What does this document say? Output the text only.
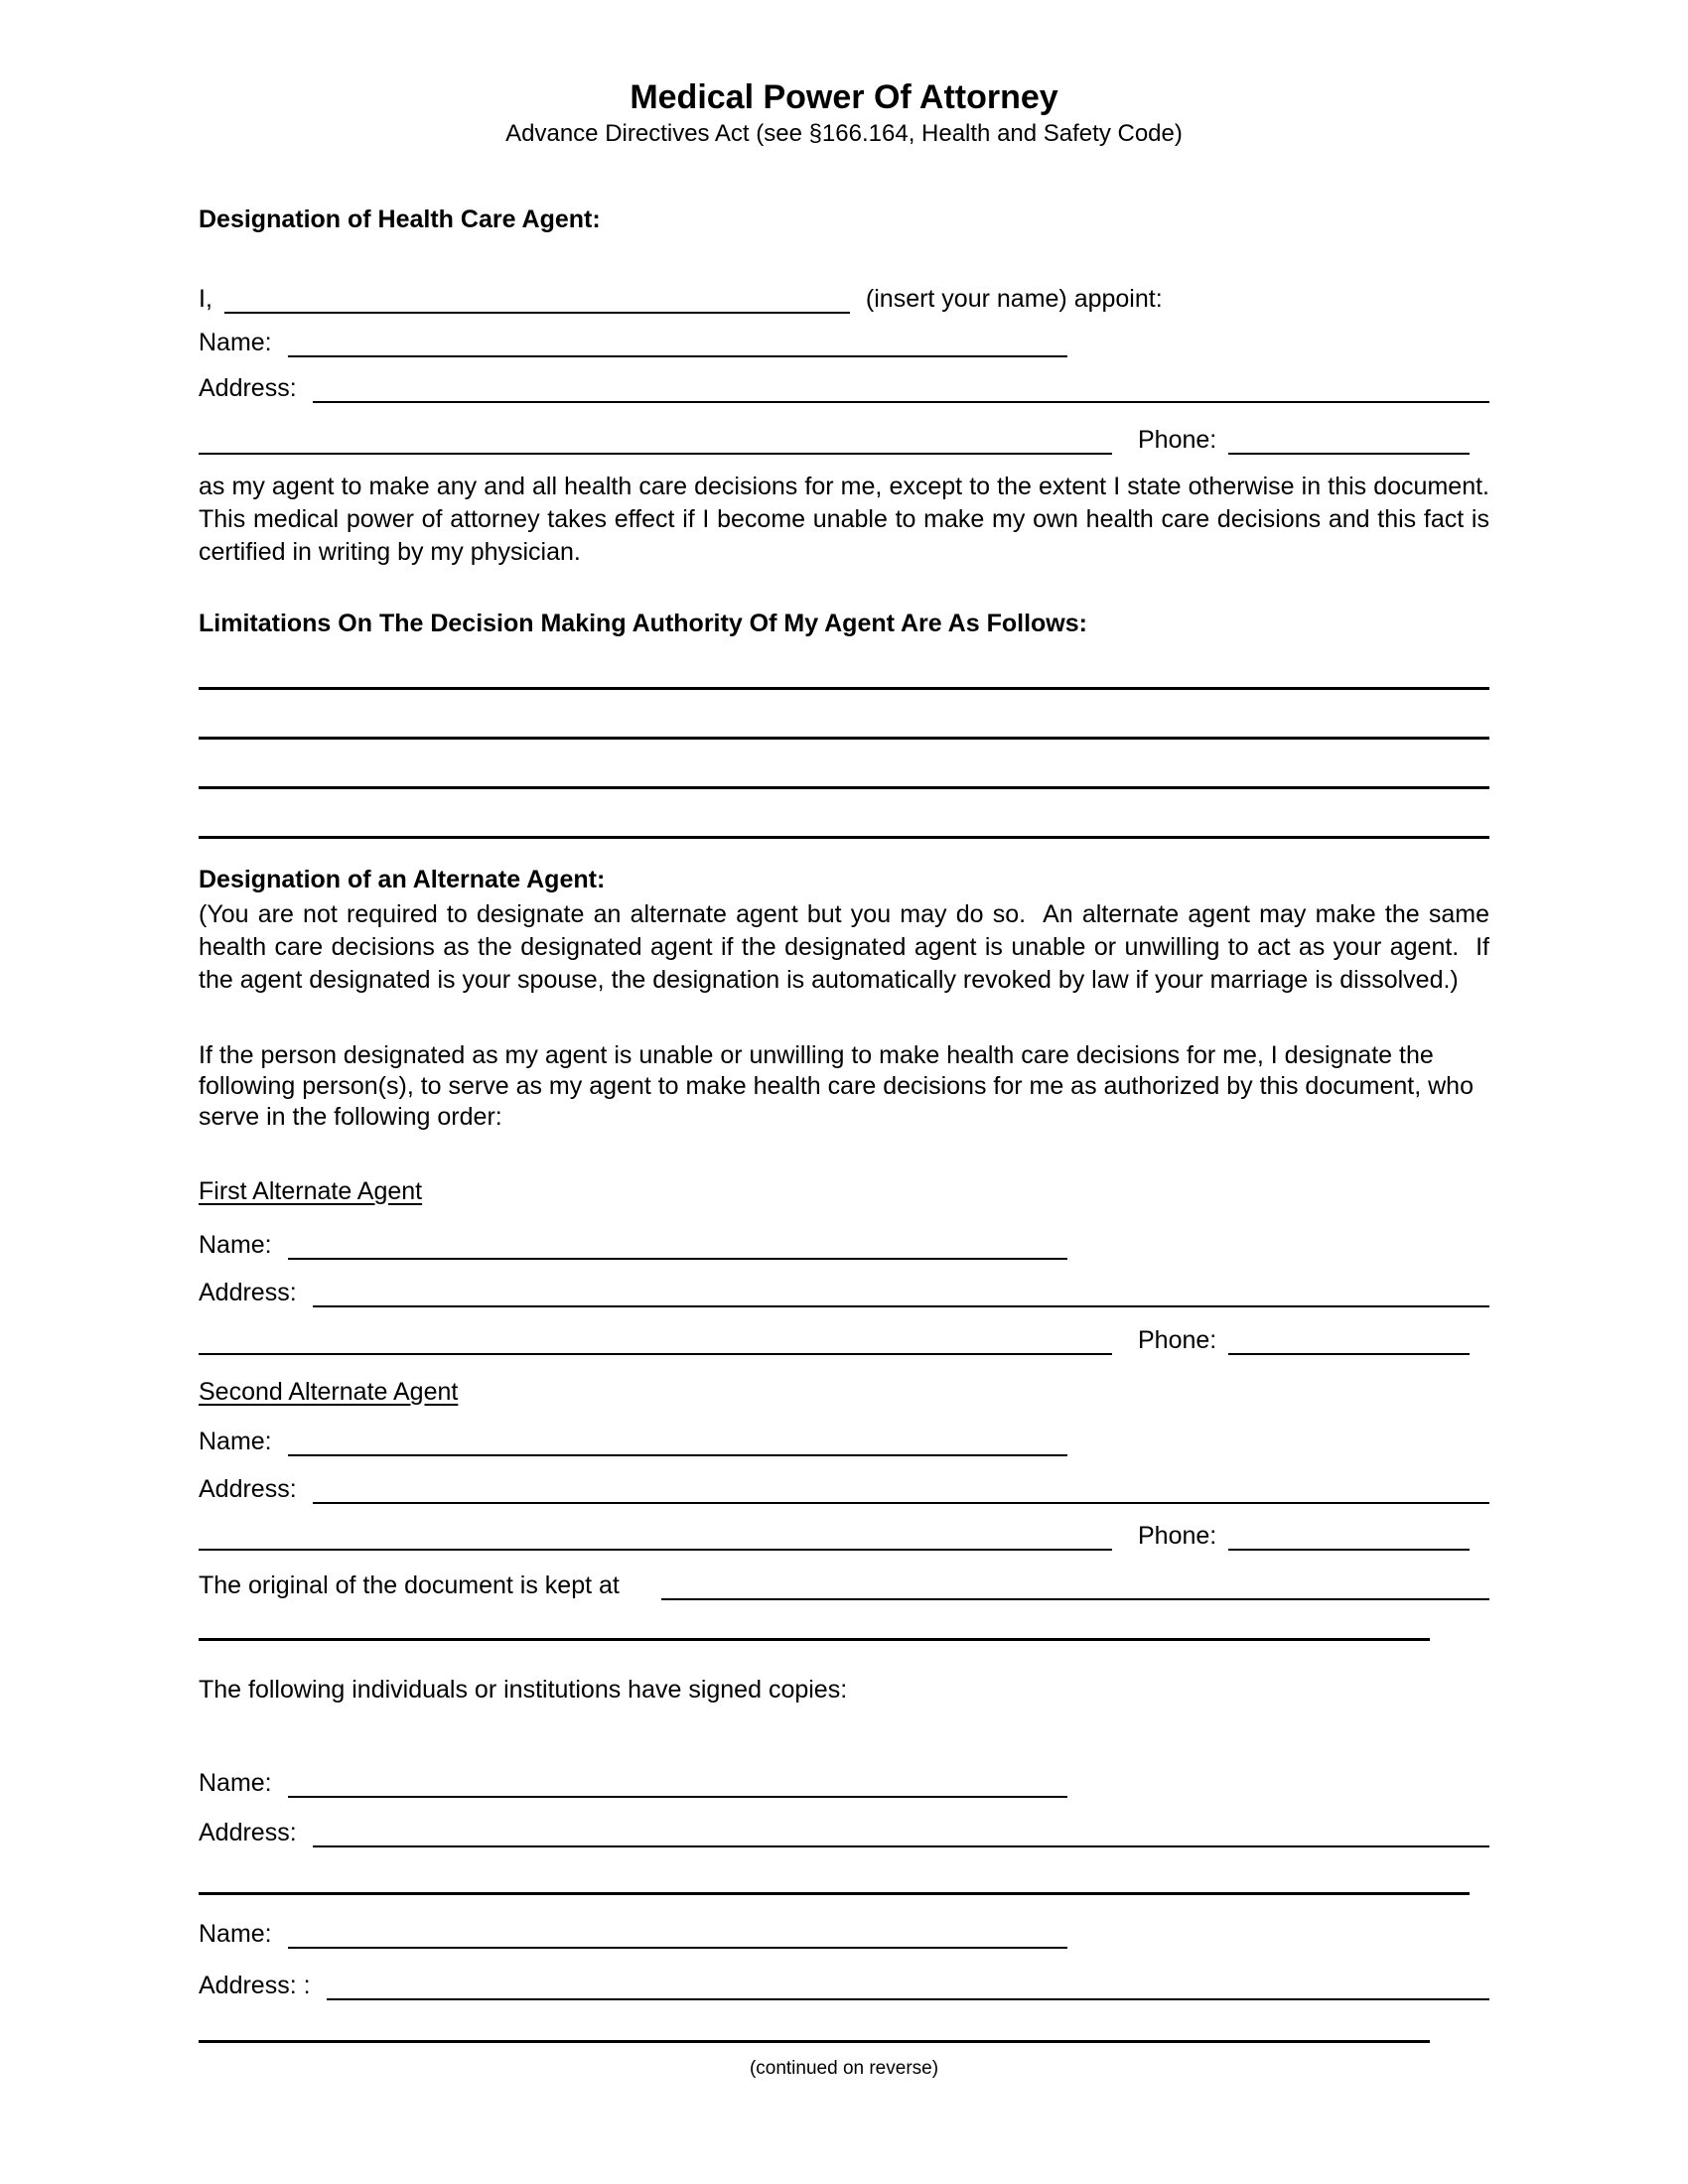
Medical Power Of Attorney
Advance Directives Act (see §166.164, Health and Safety Code)
Designation of Health Care Agent:
I,	(insert your name) appoint:
Name:
Address:
Phone:

as my agent to make any and all health care decisions for me, except to the extent I state otherwise in this document.  This medical power of attorney takes effect if I become unable to make my own health care decisions and this fact is certified in writing by my physician.

Limitations On The Decision Making Authority Of My Agent Are As Follows:
Designation of an Alternate Agent:

(You are not required to designate an alternate agent but you may do so.  An alternate agent may make the same health care decisions as the designated agent if the designated agent is unable or unwilling to act as your agent.  If the agent designated is your spouse, the designation is automatically revoked by law if your marriage is dissolved.)

If the person designated as my agent is unable or unwilling to make health care decisions for me, I designate the following person(s), to serve as my agent to make health care decisions for me as authorized by this document, who serve in the following order:

First Alternate Agent
Name:
Address:
Phone:
Second Alternate Agent
Name:
Address:
Phone:
The original of the document is kept at
The following individuals or institutions have signed copies:
Name:
Address:
Name:
Address: :
(continued on reverse)
